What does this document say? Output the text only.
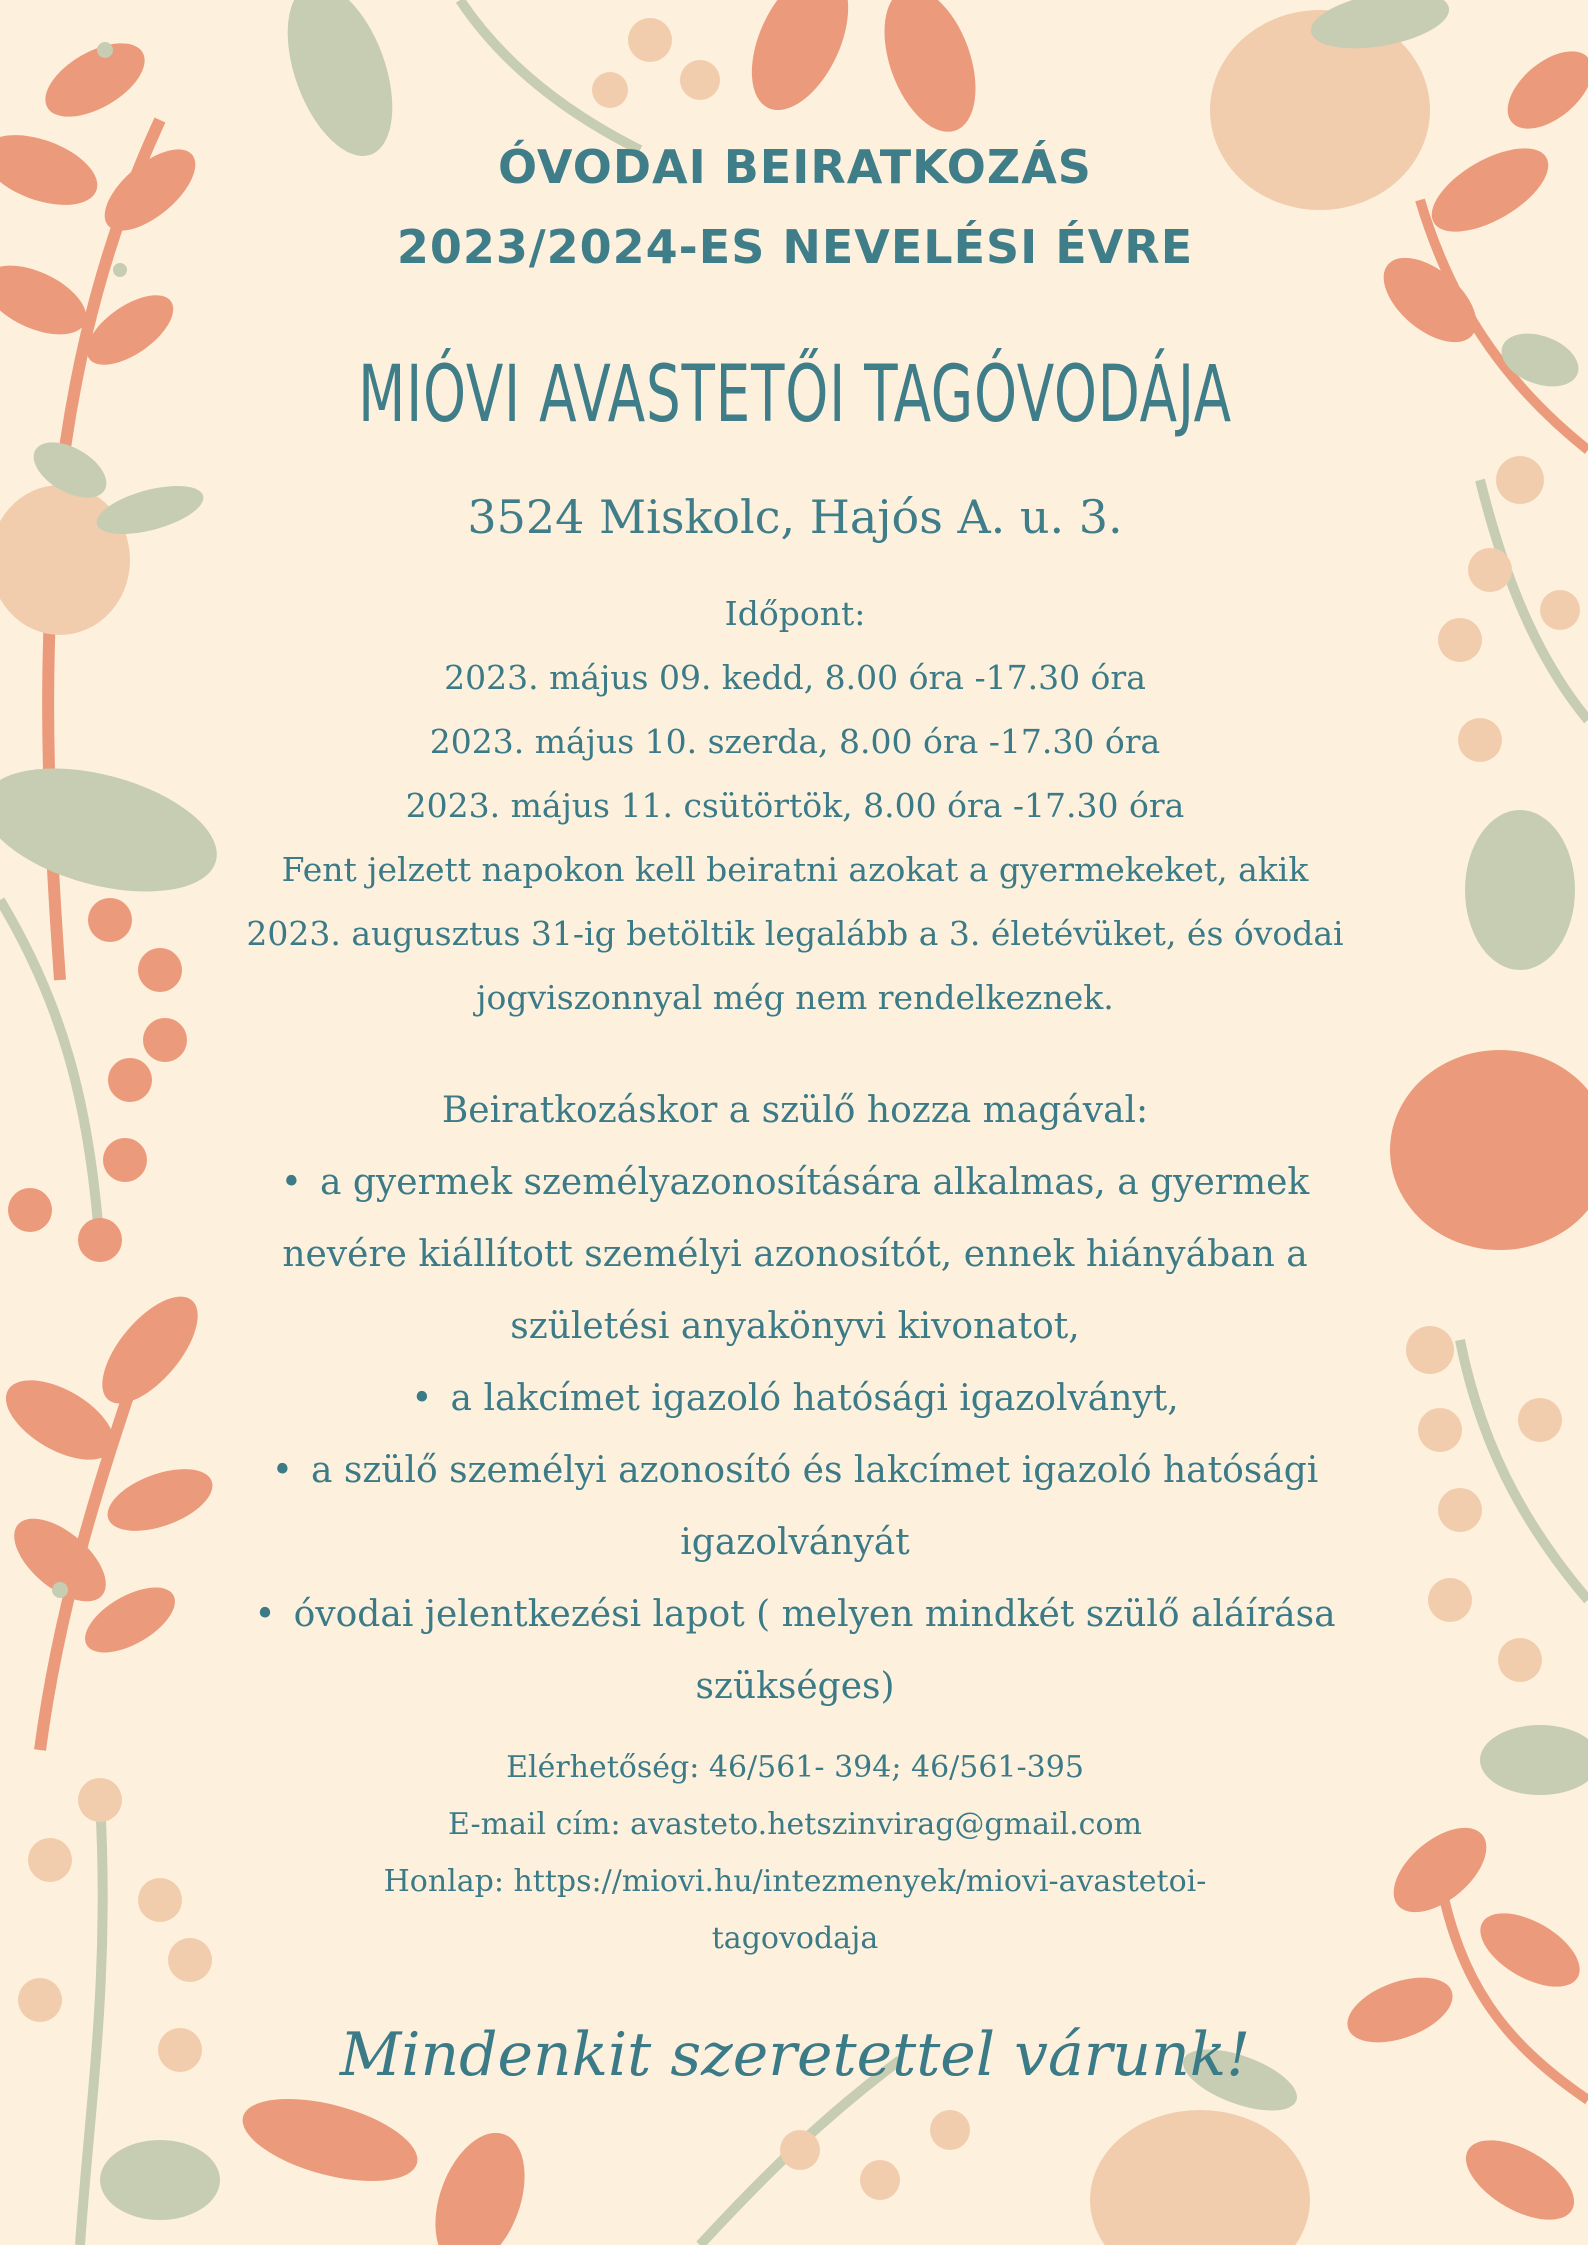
ÓVODAI BEIRATKOZÁS

2023/2024-ES NEVELÉSI ÉVRE

MIÓVI AVASTETŐI TAGÓVODÁJA

3524 Miskolc, Hajós A. u. 3.

Időpont:

2023. május 09. kedd, 8.00 óra -17.30 óra

2023. május 10. szerda, 8.00 óra -17.30 óra

2023. május 11. csütörtök, 8.00 óra -17.30 óra

Fent jelzett napokon kell beiratni azokat a gyermekeket, akik

2023. augusztus 31-ig betöltik legalább a 3. életévüket, és óvodai

jogviszonnyal még nem rendelkeznek.

Beiratkozáskor a szülő hozza magával:

• a gyermek személyazonosítására alkalmas, a gyermek

nevére kiállított személyi azonosítót, ennek hiányában a

születési anyakönyvi kivonatot,

• a lakcímet igazoló hatósági igazolványt,

• a szülő személyi azonosító és lakcímet igazoló hatósági

igazolványát

• óvodai jelentkezési lapot ( melyen mindkét szülő aláírása

szükséges)

Elérhetőség: 46/561- 394; 46/561-395

E-mail cím: avasteto.hetszinvirag@gmail.com

Honlap: https://miovi.hu/intezmenyek/miovi-avastetoi-

tagovodaja

Mindenkit szeretettel várunk!
